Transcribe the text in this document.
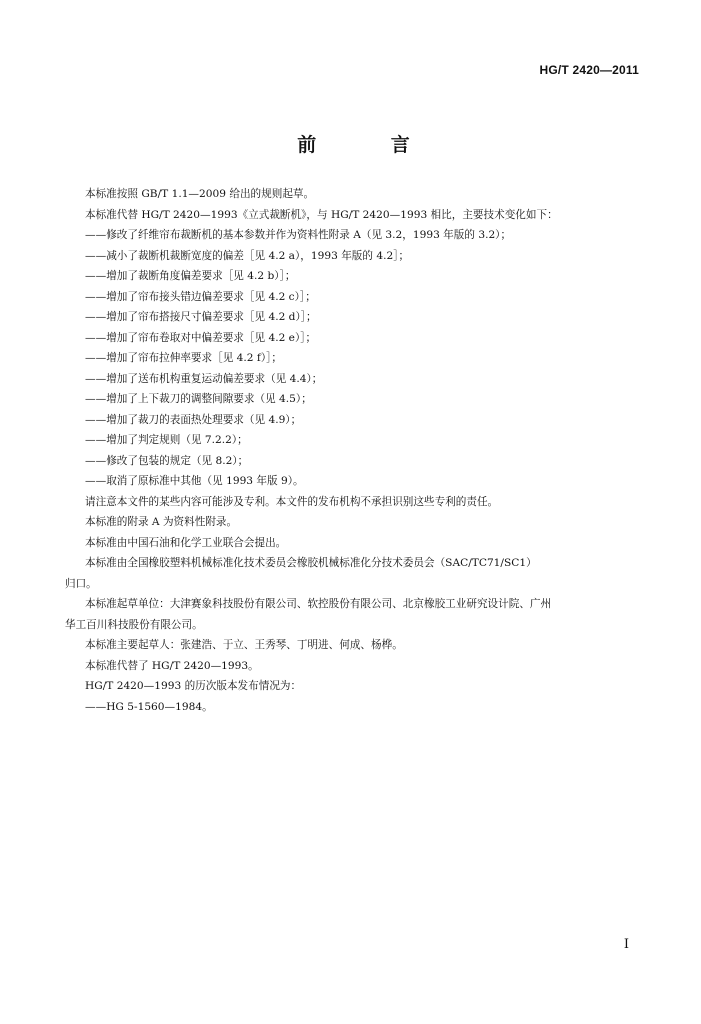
HG/T 2420—2011
前 言
本标准按照 GB/T 1.1—2009 给出的规则起草。
本标准代替 HG/T 2420—1993《立式裁断机》，与 HG/T 2420—1993 相比，主要技术变化如下：
——修改了纤维帘布裁断机的基本参数并作为资料性附录 A（见 3.2，1993 年版的 3.2）；
——减小了裁断机裁断宽度的偏差［见 4.2 a），1993 年版的 4.2］；
——增加了裁断角度偏差要求［见 4.2 b）］；
——增加了帘布接头错边偏差要求［见 4.2 c）］；
——增加了帘布搭接尺寸偏差要求［见 4.2 d）］；
——增加了帘布卷取对中偏差要求［见 4.2 e）］；
——增加了帘布拉伸率要求［见 4.2 f）］；
——增加了送布机构重复运动偏差要求（见 4.4）；
——增加了上下裁刀的调整间隙要求（见 4.5）；
——增加了裁刀的表面热处理要求（见 4.9）；
——增加了判定规则（见 7.2.2）；
——修改了包装的规定（见 8.2）；
——取消了原标准中其他（见 1993 年版 9）。
请注意本文件的某些内容可能涉及专利。本文件的发布机构不承担识别这些专利的责任。
本标准的附录 A 为资料性附录。
本标准由中国石油和化学工业联合会提出。
本标准由全国橡胶塑料机械标准化技术委员会橡胶机械标准化分技术委员会（SAC/TC71/SC1）
归口。
本标准起草单位：大津赛象科技股份有限公司、软控股份有限公司、北京橡胶工业研究设计院、广州
华工百川科技股份有限公司。
本标准主要起草人：张建浩、于立、王秀琴、丁明进、何成、杨桦。
本标准代替了 HG/T 2420—1993。
HG/T 2420—1993 的历次版本发布情况为：
——HG 5-1560—1984。
I
